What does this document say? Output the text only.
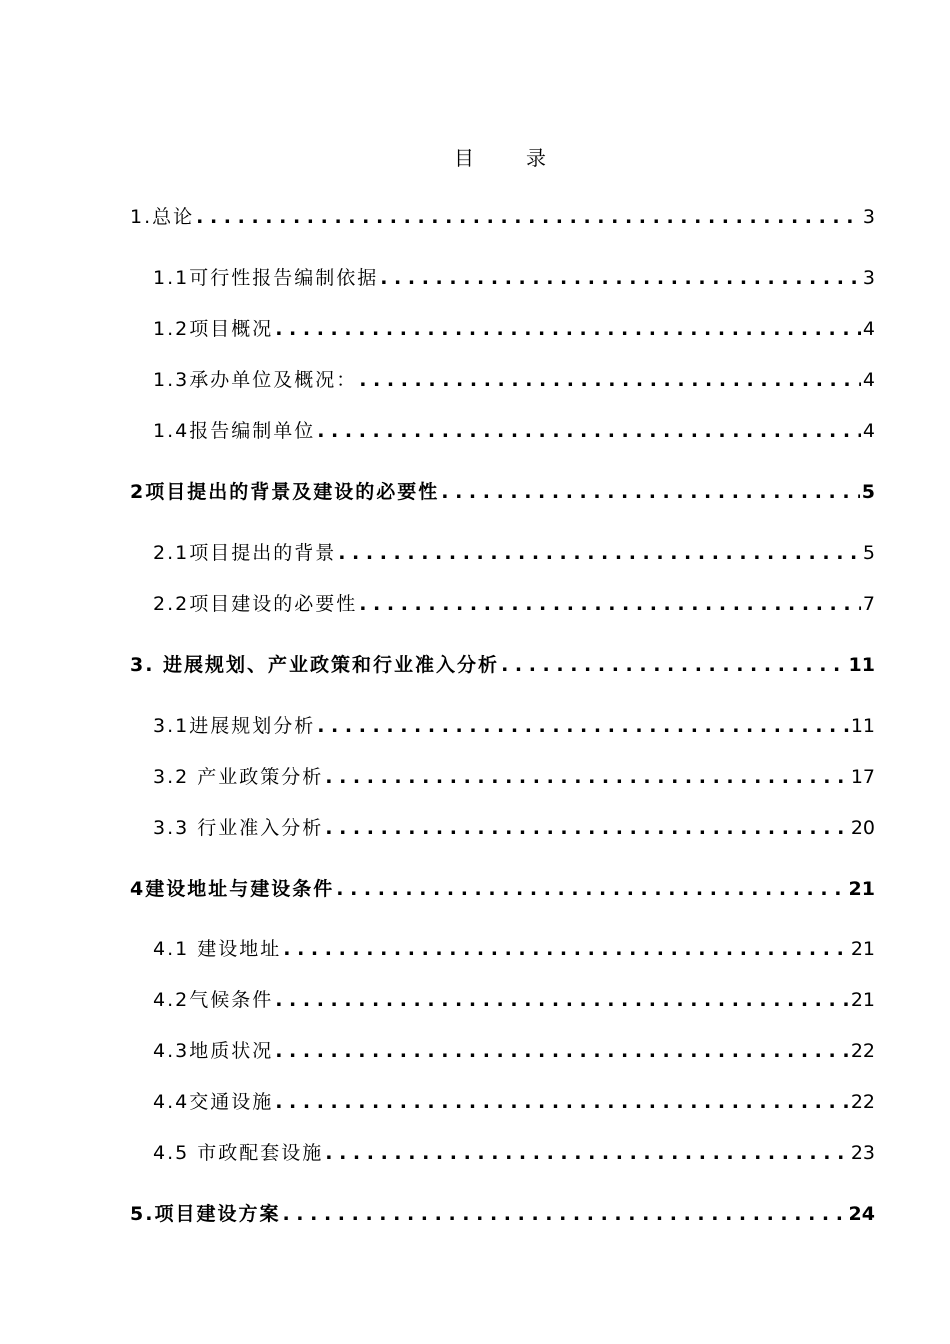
目	录
1.总论 . . .	3
1.1可行性报告编制依据 . . .	3
1.2项目概况 . . .	4
1.3承办单位及概况： . . .	4
1.4报告编制单位 . . .	4
2项目提出的背景及建设的必要性 . . .	5
2.1项目提出的背景 . . .	5
2.2项目建设的必要性 . . .	7
3. 进展规划、产业政策和行业准入分析 . . .	11
3.1进展规划分析 . . .	11
3.2 产业政策分析 . . .	17
3.3 行业准入分析 . . .	20
4建设地址与建设条件 . . .	21
4.1 建设地址 . . .	21
4.2气候条件 . . .	21
4.3地质状况 . . .	22
4.4交通设施 . . .	22
4.5 市政配套设施 . . .	23
5.项目建设方案 . . .	24
